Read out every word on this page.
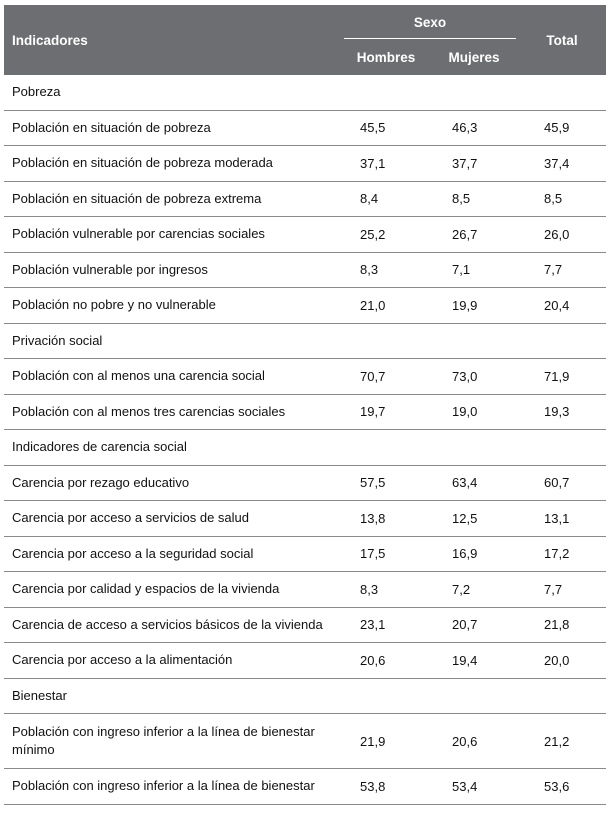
Indicadores	Sexo		Total
	Hombres	Mujeres	
Pobreza			
Población en situación de pobreza	45,5	46,3	45,9
Población en situación de pobreza moderada	37,1	37,7	37,4
Población en situación de pobreza extrema	8,4	8,5	8,5
Población vulnerable por carencias sociales	25,2	26,7	26,0
Población vulnerable por ingresos	8,3	7,1	7,7
Población no pobre y no vulnerable	21,0	19,9	20,4
Privación social			
Población con al menos una carencia social	70,7	73,0	71,9
Población con al menos tres carencias sociales	19,7	19,0	19,3
Indicadores de carencia social			
Carencia por rezago educativo	57,5	63,4	60,7
Carencia por acceso a servicios de salud	13,8	12,5	13,1
Carencia por acceso a la seguridad social	17,5	16,9	17,2
Carencia por calidad y espacios de la vivienda	8,3	7,2	7,7
Carencia de acceso a servicios básicos de la vivienda	23,1	20,7	21,8
Carencia por acceso a la alimentación	20,6	19,4	20,0
Bienestar			
Población con ingreso inferior a la línea de bienestar mínimo	21,9	20,6	21,2
Población con ingreso inferior a la línea de bienestar	53,8	53,4	53,6
